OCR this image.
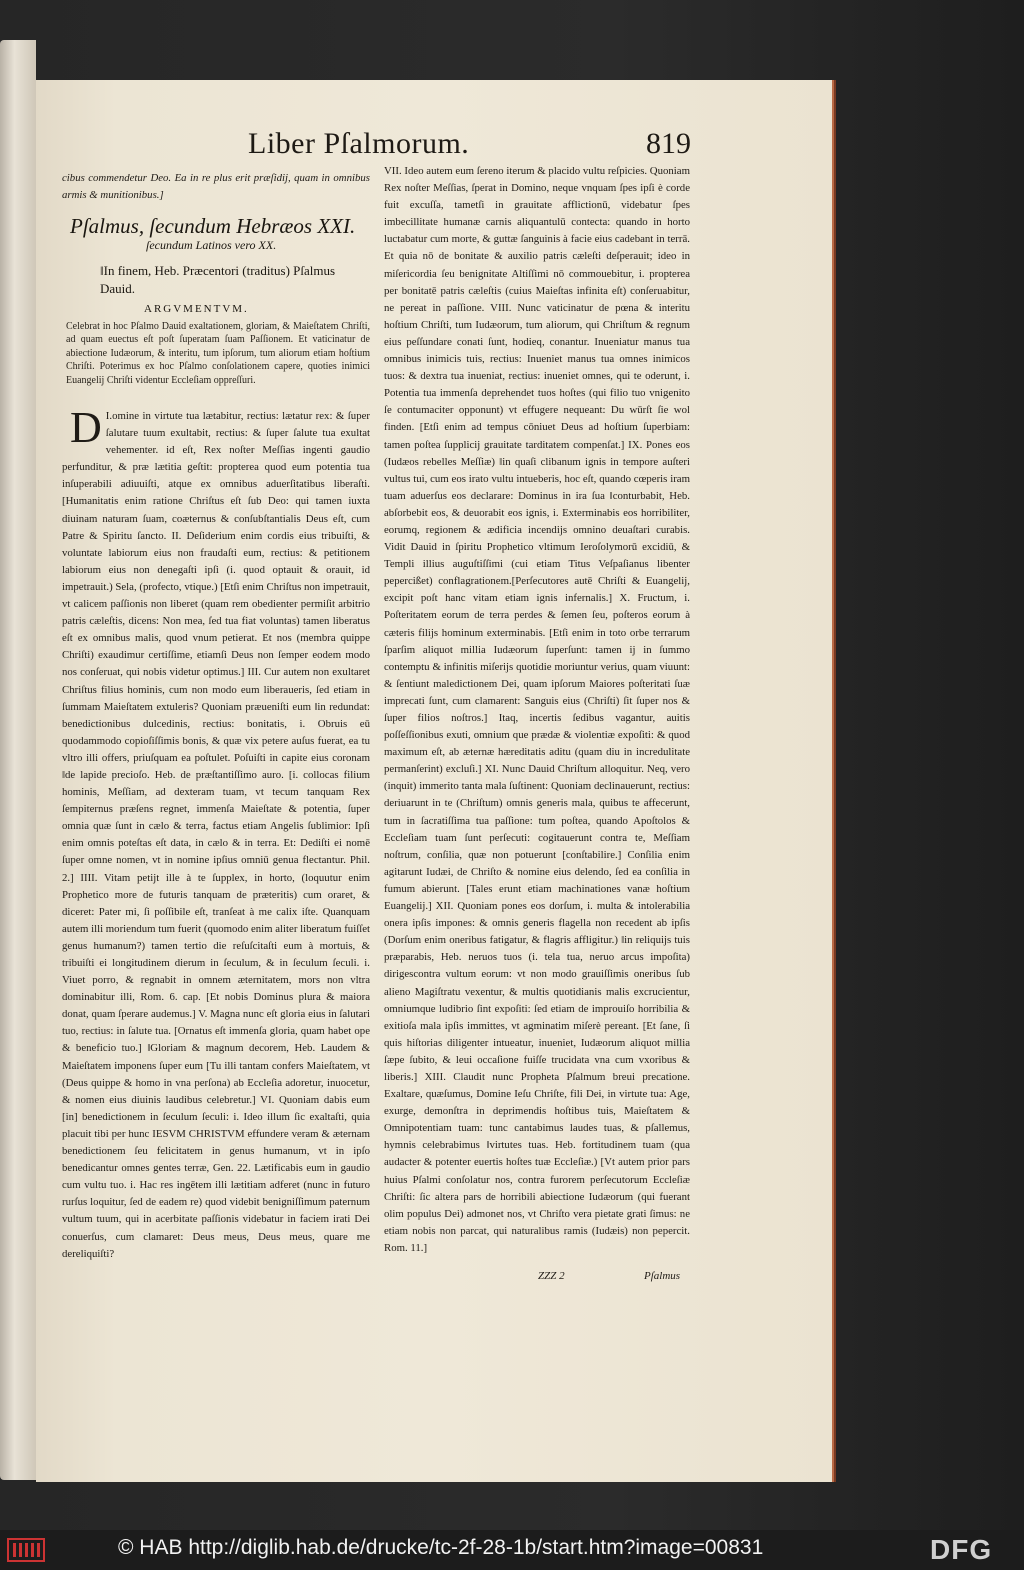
Liber Pſalmorum.	819

cibus commendetur Deo. Ea in re plus erit præſidij, quam in omnibus armis & munitionibus.]

Pſalmus, ſecundum Hebræos XXI.
ſecundum Latinos vero XX.
‖In finem, Heb. Præcentori (traditus) Pſalmus Dauid.
ARGVMENTVM.
Celebrat in hoc Pſalmo Dauid exaltationem, gloriam, & Maieſtatem Chriſti, ad quam euectus eſt poſt ſuperatam ſuam Paſſionem. Et vaticinatur de abiectione Iudæorum, & interitu, tum ipſorum, tum aliorum etiam hoſtium Chriſti. Poterimus ex hoc Pſalmo conſolationem capere, quoties inimici Euangelij Chriſti videntur Eccleſiam oppreſſuri.

I.
D omine in virtute tua lætabitur, rectius: lætatur rex: & ſuper ſalutare tuum exultabit, rectius: & ſuper ſalute tua exultat vehementer. id eſt, Rex noſter Meſſias ingenti gaudio perfunditur, & præ lætitia geſtit: propterea quod eum potentia tua inſuperabili adiuuiſti, atque ex omnibus aduerſitatibus liberaſti. [Humanitatis enim ratione Chriſtus eſt ſub Deo: qui tamen iuxta diuinam naturam ſuam, coæternus & conſubſtantialis Deus eſt, cum Patre & Spiritu ſancto. II. Deſiderium enim cordis eius tribuiſti, & voluntate labiorum eius non fraudaſti eum, rectius: & petitionem labiorum eius non denegaſti ipſi (i. quod optauit & orauit, id impetrauit.) Sela, (profecto, vtique.) [Etſi enim Chriſtus non impetrauit, vt calicem paſſionis non liberet (quam rem obedienter permiſit arbitrio patris cæleſtis, dicens: Non mea, ſed tua fiat voluntas) tamen liberatus eſt ex omnibus malis, quod vnum petierat. Et nos (membra quippe Chriſti) exaudimur certiſſime, etiamſi Deus non ſemper eodem modo nos conſeruat, qui nobis videtur optimus.] III. Cur autem non exultaret Chriſtus filius hominis, cum non modo eum liberaueris, ſed etiam in ſummam Maieſtatem extuleris? Quoniam præueniſti eum ‖in redundat: benedictionibus dulcedinis, rectius: bonitatis, i. Obruis eū quodammodo copioſiſſimis bonis, & quæ vix petere auſus fuerat, ea tu vltro illi offers, priuſquam ea poſtulet. Poſuiſti in capite eius coronam ‖de lapide precioſo. Heb. de præſtantiſſimo auro. [i. collocas filium hominis, Meſſiam, ad dexteram tuam, vt tecum tanquam Rex ſempiternus præſens regnet, immenſa Maieſtate & potentia, ſuper omnia quæ ſunt in cælo & terra, factus etiam Angelis ſublimior: Ipſi enim omnis poteſtas eſt data, in cælo & in terra. Et: Dediſti ei nomē ſuper omne nomen, vt in nomine ipſius omniū genua flectantur. Phil. 2.] IIII. Vitam petijt ille à te ſupplex, in horto, (loquutur enim Prophetico more de futuris tanquam de præteritis) cum oraret, & diceret: Pater mi, ſi poſſibile eſt, tranſeat à me calix iſte. Quanquam autem illi moriendum tum fuerit (quomodo enim aliter liberatum fuiſſet genus humanum?) tamen tertio die reſuſcitaſti eum à mortuis, & tribuiſti ei longitudinem dierum in ſeculum, & in ſeculum ſeculi. i. Viuet porro, & regnabit in omnem æternitatem, mors non vltra dominabitur illi, Rom. 6. cap. [Et nobis Dominus plura & maiora donat, quam ſperare audemus.] V. Magna nunc eſt gloria eius in ſalutari tuo, rectius: in ſalute tua. [Ornatus eſt immenſa gloria, quam habet ope & beneficio tuo.] ‖Gloriam & magnum decorem, Heb. Laudem & Maieſtatem imponens ſuper eum [Tu illi tantam confers Maieſtatem, vt (Deus quippe & homo in vna perſona) ab Eccleſia adoretur, inuocetur, & nomen eius diuinis laudibus celebretur.] VI. Quoniam dabis eum [in] benedictionem in ſeculum ſeculi: i. Ideo illum ſic exaltaſti, quia placuit tibi per hunc IESVM CHRISTVM effundere veram & æternam benedictionem ſeu felicitatem in genus humanum, vt in ipſo benedicantur omnes gentes terræ, Gen. 22. Lætificabis eum in gaudio cum vultu tuo. i. Hac res ingētem illi lætitiam adferet (nunc in futuro rurſus loquitur, ſed de eadem re) quod videbit benigniſſimum paternum vultum tuum, qui in acerbitate paſſionis videbatur in faciem irati Dei conuerſus, cum clamaret: Deus meus, Deus meus, quare me dereliquiſti?

VII. Ideo autem eum ſereno iterum & placido vultu reſpicies. Quoniam Rex noſter Meſſias, ſperat in Domino, neque vnquam ſpes ipſi è corde fuit excuſſa, tametſi in grauitate afflictionū, videbatur ſpes imbecillitate humanæ carnis aliquantulū contecta: quando in horto luctabatur cum morte, & guttæ ſanguinis à facie eius cadebant in terrā. Et quia nō de bonitate & auxilio patris cæleſti deſperauit; ideo in miſericordia ſeu benignitate Altiſſimi nō commouebitur, i. propterea per bonitatē patris cæleſtis (cuius Maieſtas infinita eſt) conſeruabitur, ne pereat in paſſione. VIII. Nunc vaticinatur de pœna & interitu hoſtium Chriſti, tum Iudæorum, tum aliorum, qui Chriſtum & regnum eius peſſundare conati ſunt, hodieq, conantur. Inueniatur manus tua omnibus inimicis tuis, rectius: Inueniet manus tua omnes inimicos tuos: & dextra tua inueniat, rectius: inueniet omnes, qui te oderunt, i. Potentia tua immenſa deprehendet tuos hoſtes (qui filio tuo vnigenito ſe contumaciter opponunt) vt effugere nequeant: Du wūrſt ſie wol finden. [Etſi enim ad tempus cōniuet Deus ad hoſtium ſuperbiam: tamen poſtea ſupplicij grauitate tarditatem compenſat.] IX. Pones eos (Iudæos rebelles Meſſiæ) ‖in quaſi clibanum ignis in tempore auſteri vultus tui, cum eos irato vultu intueberis, hoc eſt, quando cœperis iram tuam aduerſus eos declarare: Dominus in ira ſua ‖conturbabit, Heb. abſorbebit eos, & deuorabit eos ignis, i. Exterminabis eos horribiliter, eorumq, regionem & ædificia incendijs omnino deuaſtari curabis. Vidit Dauid in ſpiritu Prophetico vltimum Ieroſolymorū excidiū, & Templi illius auguſtiſſimi (cui etiam Titus Veſpaſianus libenter pepercißet) conflagrationem.[Perſecutores autē Chriſti & Euangelij, excipit poſt hanc vitam etiam ignis infernalis.] X. Fructum, i. Poſteritatem eorum de terra perdes & ſemen ſeu, poſteros eorum à cæteris filijs hominum exterminabis. [Etſi enim in toto orbe terrarum ſparſim aliquot millia Iudæorum ſuperſunt: tamen ij in ſummo contemptu & infinitis miſerijs quotidie moriuntur verius, quam viuunt: & ſentiunt maledictionem Dei, quam ipſorum Maiores poſteritati ſuæ imprecati ſunt, cum clamarent: Sanguis eius (Chriſti) ſit ſuper nos & ſuper filios noſtros.] Itaq, incertis ſedibus vagantur, auitis poſſeſſionibus exuti, omnium que prædæ & violentiæ expoſiti: & quod maximum eſt, ab æternæ hæreditatis aditu (quam diu in incredulitate permanſerint) excluſi.] XI. Nunc Dauid Chriſtum alloquitur. Neq, vero (inquit) immerito tanta mala ſuſtinent: Quoniam declinauerunt, rectius: deriuarunt in te (Chriſtum) omnis generis mala, quibus te affecerunt, tum in ſacratiſſima tua paſſione: tum poſtea, quando Apoſtolos & Eccleſiam tuam ſunt perſecuti: cogitauerunt contra te, Meſſiam noſtrum, conſilia, quæ non potuerunt [conſtabilire.] Conſilia enim agitarunt Iudæi, de Chriſto & nomine eius delendo, ſed ea conſilia in fumum abierunt. [Tales erunt etiam machinationes vanæ hoſtium Euangelij.] XII. Quoniam pones eos dorſum, i. multa & intolerabilia onera ipſis impones: & omnis generis flagella non recedent ab ipſis (Dorſum enim oneribus fatigatur, & flagris affligitur.) ‖in reliquijs tuis præparabis, Heb. neruos tuos (i. tela tua, neruo arcus impoſita) dirigescontra vultum eorum: vt non modo grauiſſimis oneribus ſub alieno Magiſtratu vexentur, & multis quotidianis malis excrucientur, omniumque ludibrio ſint expoſiti: ſed etiam de improuiſo horribilia & exitioſa mala ipſis immittes, vt agminatim miſerè pereant. [Et ſane, ſi quis hiſtorias diligenter intueatur, inueniet, Iudæorum aliquot millia ſæpe ſubito, & leui occaſione fuiſſe trucidata vna cum vxoribus & liberis.] XIII. Claudit nunc Propheta Pſalmum breui precatione. Exaltare, quæſumus, Domine Ieſu Chriſte, fili Dei, in virtute tua: Age, exurge, demonſtra in deprimendis hoſtibus tuis, Maieſtatem & Omnipotentiam tuam: tunc cantabimus laudes tuas, & pſallemus, hymnis celebrabimus ‖virtutes tuas. Heb. fortitudinem tuam (qua audacter & potenter euertis hoſtes tuæ Eccleſiæ.) [Vt autem prior pars huius Pſalmi conſolatur nos, contra furorem perſecutorum Eccleſiæ Chriſti: ſic altera pars de horribili abiectione Iudæorum (qui fuerant olim populus Dei) admonet nos, vt Chriſto vera pietate grati ſimus: ne etiam nobis non parcat, qui naturalibus ramis (Iudæis) non pepercit. Rom. 11.]

ZZZ 2	Pſalmus
© HAB http://diglib.hab.de/drucke/tc-2f-28-1b/start.htm?image=00831	DFG
